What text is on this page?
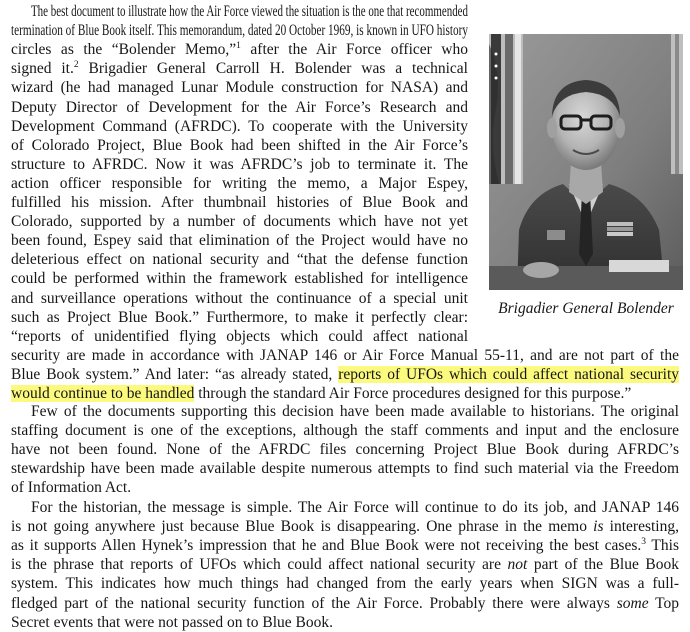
The best document to illustrate how the Air Force viewed the situation is the one that recommended
termination of Blue Book itself. This memorandum, dated 20 October 1969, is known in UFO history
circles as the “Bolender Memo,”$^1$ after the Air Force officer who
signed it.$^2$ Brigadier General Carroll H. Bolender was a technical
wizard (he had managed Lunar Module construction for NASA) and
Deputy Director of Development for the Air Force’s Research and
Development Command (AFRDC). To cooperate with the University
of Colorado Project, Blue Book had been shifted in the Air Force’s
structure to AFRDC. Now it was AFRDC’s job to terminate it. The
action officer responsible for writing the memo, a Major Espey,
fulfilled his mission. After thumbnail histories of Blue Book and
Colorado, supported by a number of documents which have not yet
been found, Espey said that elimination of the Project would have no
deleterious effect on national security and “that the defense function
could be performed within the framework established for intelligence
and surveillance operations without the continuance of a special unit
such as Project Blue Book.” Furthermore, to make it perfectly clear:
“reports of unidentified flying objects which could affect national
security are made in accordance with JANAP 146 or Air Force Manual 55-11, and are not part of the
Blue Book system.” And later: “as already stated, reports of UFOs which could affect national security
would continue to be handled through the standard Air Force procedures designed for this purpose.”
Few of the documents supporting this decision have been made available to historians. The original
staffing document is one of the exceptions, although the staff comments and input and the enclosure
have not been found. None of the AFRDC files concerning Project Blue Book during AFRDC’s
stewardship have been made available despite numerous attempts to find such material via the Freedom
of Information Act.
For the historian, the message is simple. The Air Force will continue to do its job, and JANAP 146
is not going anywhere just because Blue Book is disappearing. One phrase in the memo is interesting,
as it supports Allen Hynek’s impression that he and Blue Book were not receiving the best cases.$^3$ This
is the phrase that reports of UFOs which could affect national security are not part of the Blue Book
system. This indicates how much things had changed from the early years when SIGN was a full-
fledged part of the national security function of the Air Force. Probably there were always some Top
Secret events that were not passed on to Blue Book.
Brigadier General Bolender
